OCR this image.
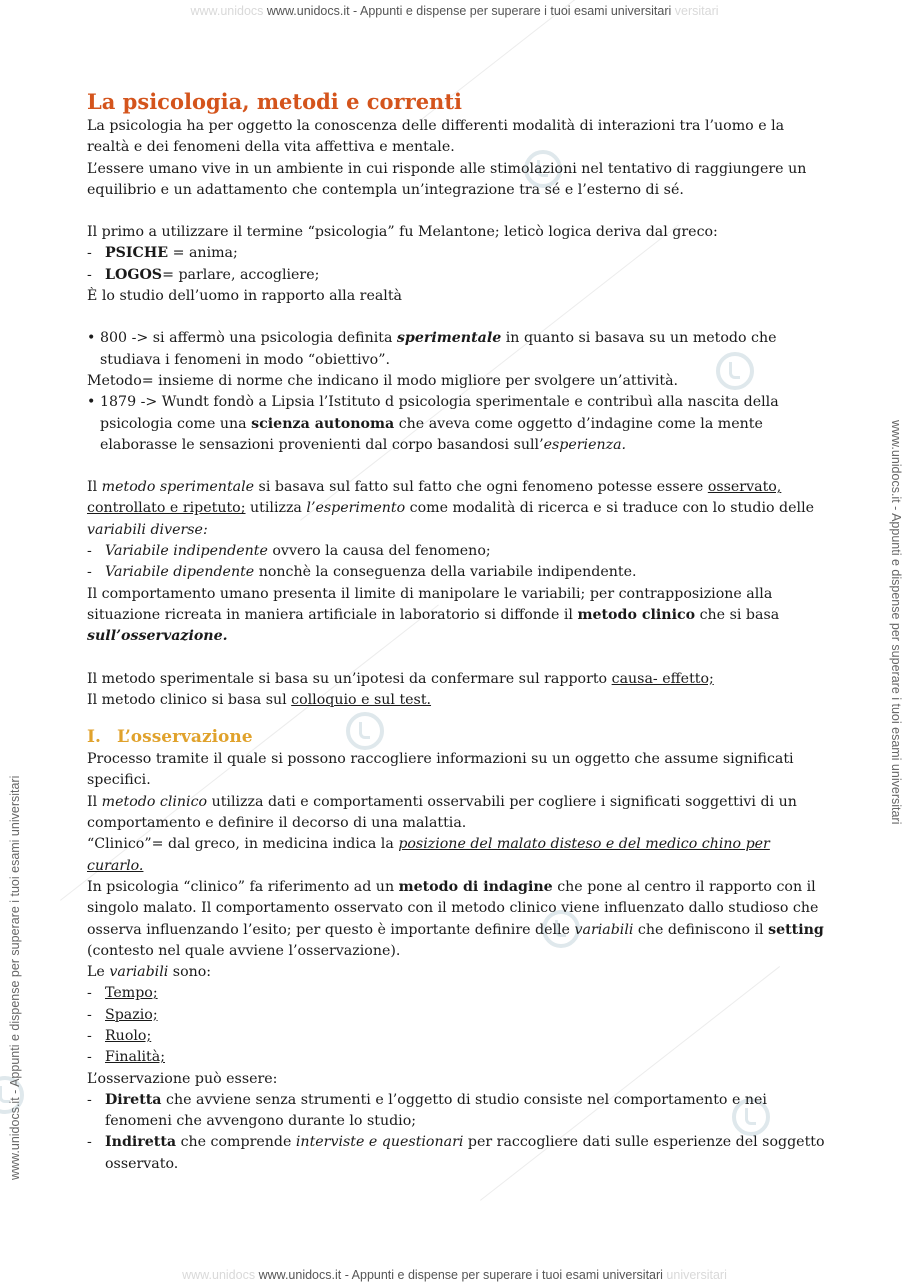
www.unidocs www.unidocs.it - Appunti e dispense per superare i tuoi esami universitari versitari
www.unidocs www.unidocs.it - Appunti e dispense per superare i tuoi esami universitari universitari
www.unidocs.it - Appunti e dispense per superare i tuoi esami universitari
www.unidocs.it - Appunti e dispense per superare i tuoi esami universitari
La psicologia, metodi e correnti

La psicologia ha per oggetto la conoscenza delle differenti modalità di interazioni tra l’uomo e la realtà e dei fenomeni della vita affettiva e mentale.

L’essere umano vive in un ambiente in cui risponde alle stimolazioni nel tentativo di raggiungere un equilibrio e un adattamento che contempla un’integrazione tra sé e l’esterno di sé.

Il primo a utilizzare il termine “psicologia” fu Melantone; leticò logica deriva dal greco:

- PSICHE = anima;
- LOGOS= parlare, accogliere;

È lo studio dell’uomo in rapporto alla realtà

• 800 -> si affermò una psicologia definita sperimentale in quanto si basava su un metodo che studiava i fenomeni in modo “obiettivo”.

Metodo= insieme di norme che indicano il modo migliore per svolgere un’attività.

• 1879 -> Wundt fondò a Lipsia l’Istituto d psicologia sperimentale e contribuì alla nascita della psicologia come una scienza autonoma che aveva come oggetto d’indagine come la mente elaborasse le sensazioni provenienti dal corpo basandosi sull’esperienza.

Il metodo sperimentale si basava sul fatto sul fatto che ogni fenomeno potesse essere osservato, controllato e ripetuto; utilizza l’esperimento come modalità di ricerca e si traduce con lo studio delle variabili diverse:

- Variabile indipendente ovvero la causa del fenomeno;
- Variabile dipendente nonchè la conseguenza della variabile indipendente.

Il comportamento umano presenta il limite di manipolare le variabili; per contrapposizione alla situazione ricreata in maniera artificiale in laboratorio si diffonde il metodo clinico che si basa sull’osservazione.

Il metodo sperimentale si basa su un’ipotesi da confermare sul rapporto causa- effetto;

Il metodo clinico si basa sul colloquio e sul test.

I. L’osservazione

Processo tramite il quale si possono raccogliere informazioni su un oggetto che assume significati specifici.

Il metodo clinico utilizza dati e comportamenti osservabili per cogliere i significati soggettivi di un comportamento e definire il decorso di una malattia.

“Clinico”= dal greco, in medicina indica la posizione del malato disteso e del medico chino per curarlo.

In psicologia “clinico” fa riferimento ad un metodo di indagine che pone al centro il rapporto con il singolo malato. Il comportamento osservato con il metodo clinico viene influenzato dallo studioso che osserva influenzando l’esito; per questo è importante definire delle variabili che definiscono il setting (contesto nel quale avviene l’osservazione).

Le variabili sono:

- Tempo;
- Spazio;
- Ruolo;
- Finalità;

L’osservazione può essere:

- Diretta che avviene senza strumenti e l’oggetto di studio consiste nel comportamento e nei fenomeni che avvengono durante lo studio;
- Indiretta che comprende interviste e questionari per raccogliere dati sulle esperienze del soggetto osservato.
